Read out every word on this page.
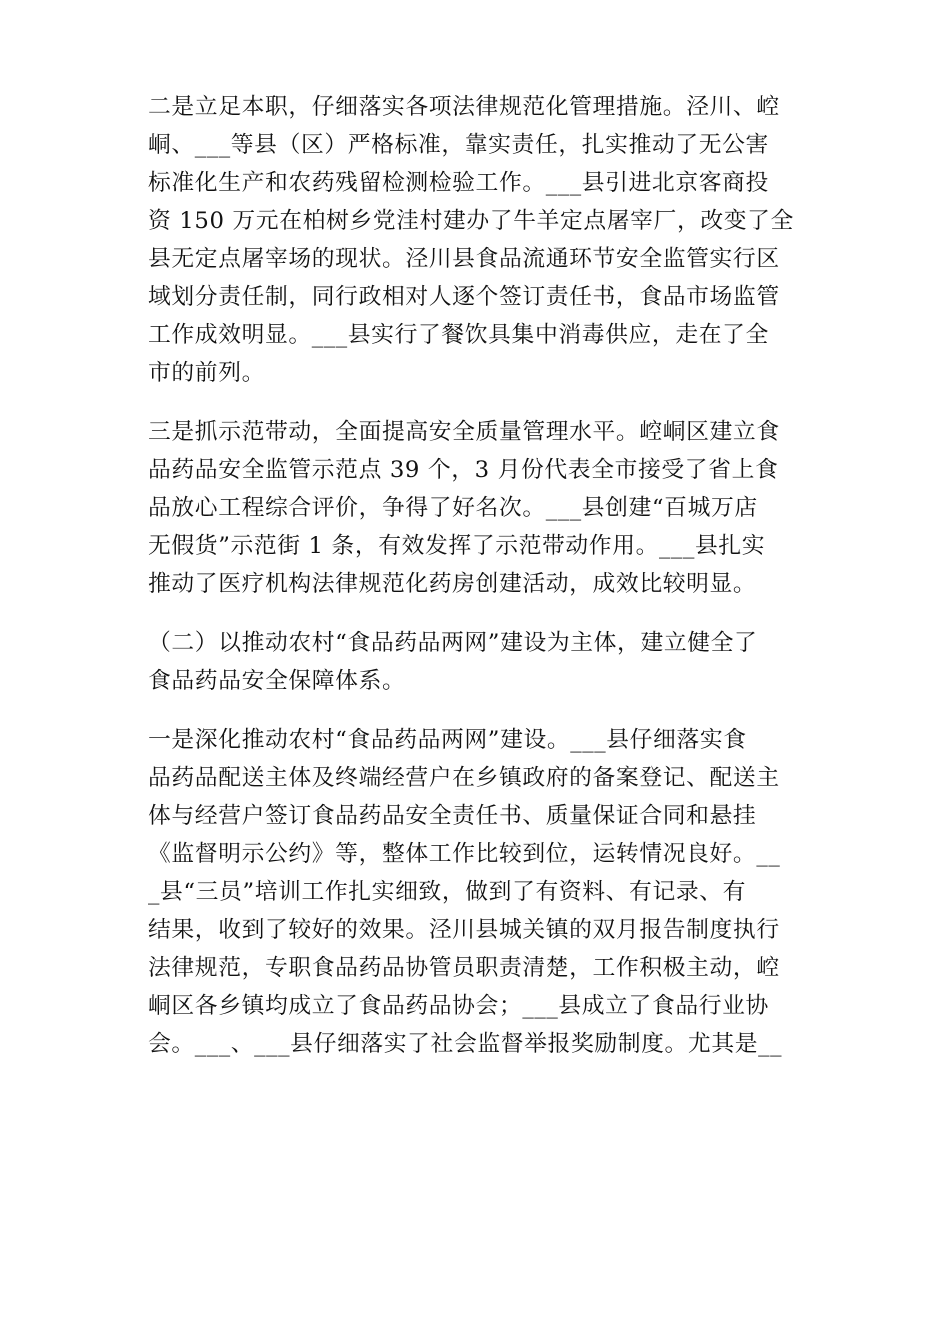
二是立足本职，仔细落实各项法律规范化管理措施。泾川、崆
峒、___等县（区）严格标准，靠实责任，扎实推动了无公害
标准化生产和农药残留检测检验工作。___县引进北京客商投
资 150 万元在柏树乡党洼村建办了牛羊定点屠宰厂，改变了全
县无定点屠宰场的现状。泾川县食品流通环节安全监管实行区
域划分责任制，同行政相对人逐个签订责任书，食品市场监管
工作成效明显。___县实行了餐饮具集中消毒供应，走在了全
市的前列。
三是抓示范带动，全面提高安全质量管理水平。崆峒区建立食
品药品安全监管示范点 39 个，3 月份代表全市接受了省上食
品放心工程综合评价，争得了好名次。___县创建“百城万店
无假货”示范街 1 条，有效发挥了示范带动作用。___县扎实
推动了医疗机构法律规范化药房创建活动，成效比较明显。
（二）以推动农村“食品药品两网”建设为主体，建立健全了
食品药品安全保障体系。
一是深化推动农村“食品药品两网”建设。___县仔细落实食
品药品配送主体及终端经营户在乡镇政府的备案登记、配送主
体与经营户签订食品药品安全责任书、质量保证合同和悬挂
《监督明示公约》等，整体工作比较到位，运转情况良好。__
_县“三员”培训工作扎实细致，做到了有资料、有记录、有
结果，收到了较好的效果。泾川县城关镇的双月报告制度执行
法律规范，专职食品药品协管员职责清楚，工作积极主动，崆
峒区各乡镇均成立了食品药品协会；___县成立了食品行业协
会。___、___县仔细落实了社会监督举报奖励制度。尤其是__
